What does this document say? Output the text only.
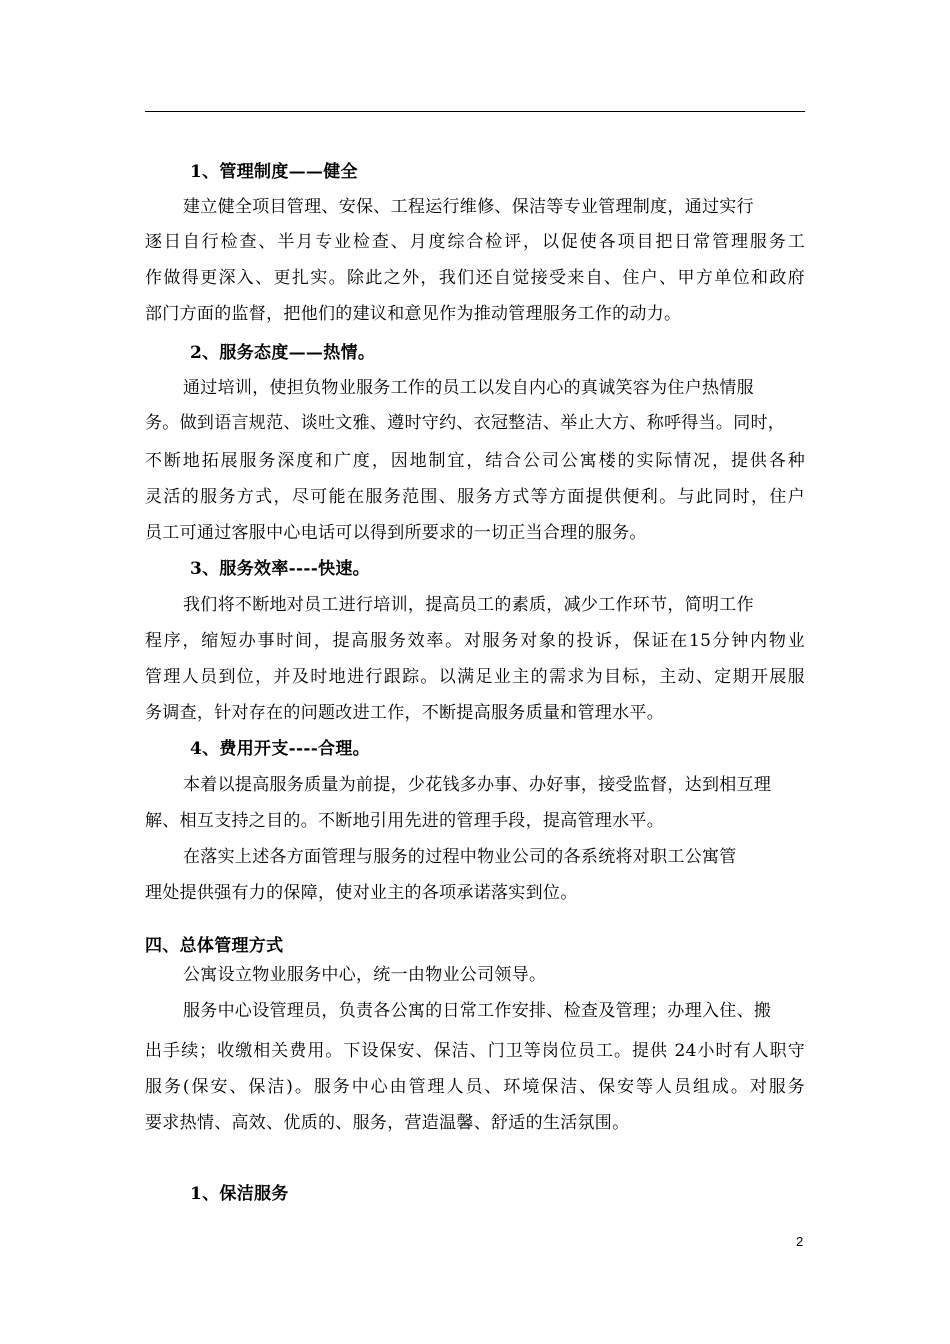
1、管理制度——健全
建立健全项目管理、安保、工程运行维修、保洁等专业管理制度，通过实行
逐日自行检查、半月专业检查、月度综合检评，以促使各项目把日常管理服务工
作做得更深入、更扎实。除此之外，我们还自觉接受来自、住户、甲方单位和政府
部门方面的监督，把他们的建议和意见作为推动管理服务工作的动力。
2、服务态度——热情。
通过培训，使担负物业服务工作的员工以发自内心的真诚笑容为住户热情服
务。做到语言规范、谈吐文雅、遵时守约、衣冠整洁、举止大方、称呼得当。同时，
不断地拓展服务深度和广度，因地制宜，结合公司公寓楼的实际情况，提供各种
灵活的服务方式，尽可能在服务范围、服务方式等方面提供便利。与此同时，住户
员工可通过客服中心电话可以得到所要求的一切正当合理的服务。
3、服务效率----快速。
我们将不断地对员工进行培训，提高员工的素质，减少工作环节，简明工作
程序，缩短办事时间，提高服务效率。对服务对象的投诉，保证在15分钟内物业
管理人员到位，并及时地进行跟踪。以满足业主的需求为目标，主动、定期开展服
务调查，针对存在的问题改进工作，不断提高服务质量和管理水平。
4、费用开支----合理。
本着以提高服务质量为前提，少花钱多办事、办好事，接受监督，达到相互理
解、相互支持之目的。不断地引用先进的管理手段，提高管理水平。
在落实上述各方面管理与服务的过程中物业公司的各系统将对职工公寓管
理处提供强有力的保障，使对业主的各项承诺落实到位。
四、总体管理方式
公寓设立物业服务中心，统一由物业公司领导。
服务中心设管理员，负责各公寓的日常工作安排、检查及管理；办理入住、搬
出手续；收缴相关费用。下设保安、保洁、门卫等岗位员工。提供 24小时有人职守
服务(保安、保洁)。服务中心由管理人员、环境保洁、保安等人员组成。对服务
要求热情、高效、优质的、服务，营造温馨、舒适的生活氛围。
1、保洁服务
2
